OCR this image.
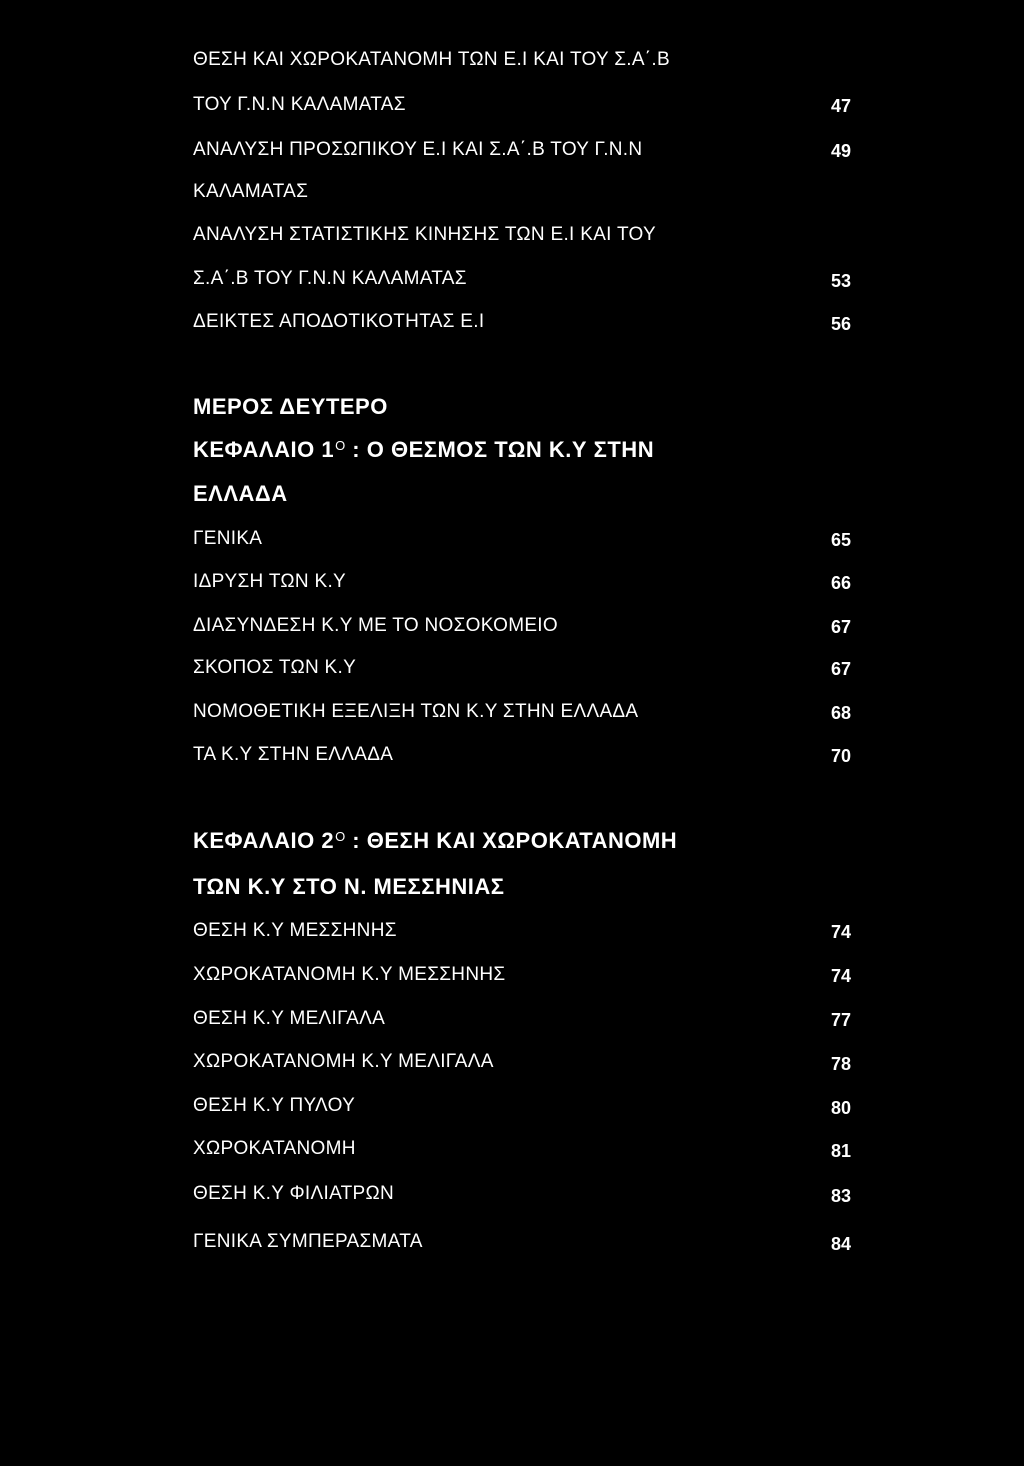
ΘΕΣΗ ΚΑΙ ΧΩΡΟΚΑΤΑΝΟΜΗ ΤΩΝ Ε.Ι ΚΑΙ ΤΟΥ Σ.Α΄.Β
ΤΟΥ Γ.Ν.Ν ΚΑΛΑΜΑΤΑΣ	47
ΑΝΑΛΥΣΗ ΠΡΟΣΩΠΙΚΟΥ Ε.Ι ΚΑΙ Σ.Α΄.Β ΤΟΥ Γ.Ν.Ν	49
ΚΑΛΑΜΑΤΑΣ
ΑΝΑΛΥΣΗ ΣΤΑΤΙΣΤΙΚΗΣ ΚΙΝΗΣΗΣ ΤΩΝ Ε.Ι ΚΑΙ ΤΟΥ
Σ.Α΄.Β ΤΟΥ Γ.Ν.Ν ΚΑΛΑΜΑΤΑΣ	53
ΔΕΙΚΤΕΣ ΑΠΟΔΟΤΙΚΟΤΗΤΑΣ Ε.Ι	56
ΜΕΡΟΣ ΔΕΥΤΕΡΟ
ΚΕΦΑΛΑΙΟ $1^O$ : Ο ΘΕΣΜΟΣ ΤΩΝ Κ.Υ ΣΤΗΝ
ΕΛΛΑΔΑ
ΓΕΝΙΚΑ	65
ΙΔΡΥΣΗ ΤΩΝ Κ.Υ	66
ΔΙΑΣΥΝΔΕΣΗ Κ.Υ ΜΕ ΤΟ ΝΟΣΟΚΟΜΕΙΟ	67
ΣΚΟΠΟΣ ΤΩΝ Κ.Υ	67
ΝΟΜΟΘΕΤΙΚΗ ΕΞΕΛΙΞΗ ΤΩΝ Κ.Υ ΣΤΗΝ ΕΛΛΑΔΑ	68
ΤΑ Κ.Υ ΣΤΗΝ ΕΛΛΑΔΑ	70
ΚΕΦΑΛΑΙΟ $2^O$ : ΘΕΣΗ ΚΑΙ ΧΩΡΟΚΑΤΑΝΟΜΗ
ΤΩΝ Κ.Υ ΣΤΟ Ν. ΜΕΣΣΗΝΙΑΣ
ΘΕΣΗ Κ.Υ ΜΕΣΣΗΝΗΣ	74
ΧΩΡΟΚΑΤΑΝΟΜΗ Κ.Υ ΜΕΣΣΗΝΗΣ	74
ΘΕΣΗ Κ.Υ ΜΕΛΙΓΑΛΑ	77
ΧΩΡΟΚΑΤΑΝΟΜΗ Κ.Υ ΜΕΛΙΓΑΛΑ	78
ΘΕΣΗ Κ.Υ ΠΥΛΟΥ	80
ΧΩΡΟΚΑΤΑΝΟΜΗ	81
ΘΕΣΗ Κ.Υ ΦΙΛΙΑΤΡΩΝ	83
ΓΕΝΙΚΑ ΣΥΜΠΕΡΑΣΜΑΤΑ	84
